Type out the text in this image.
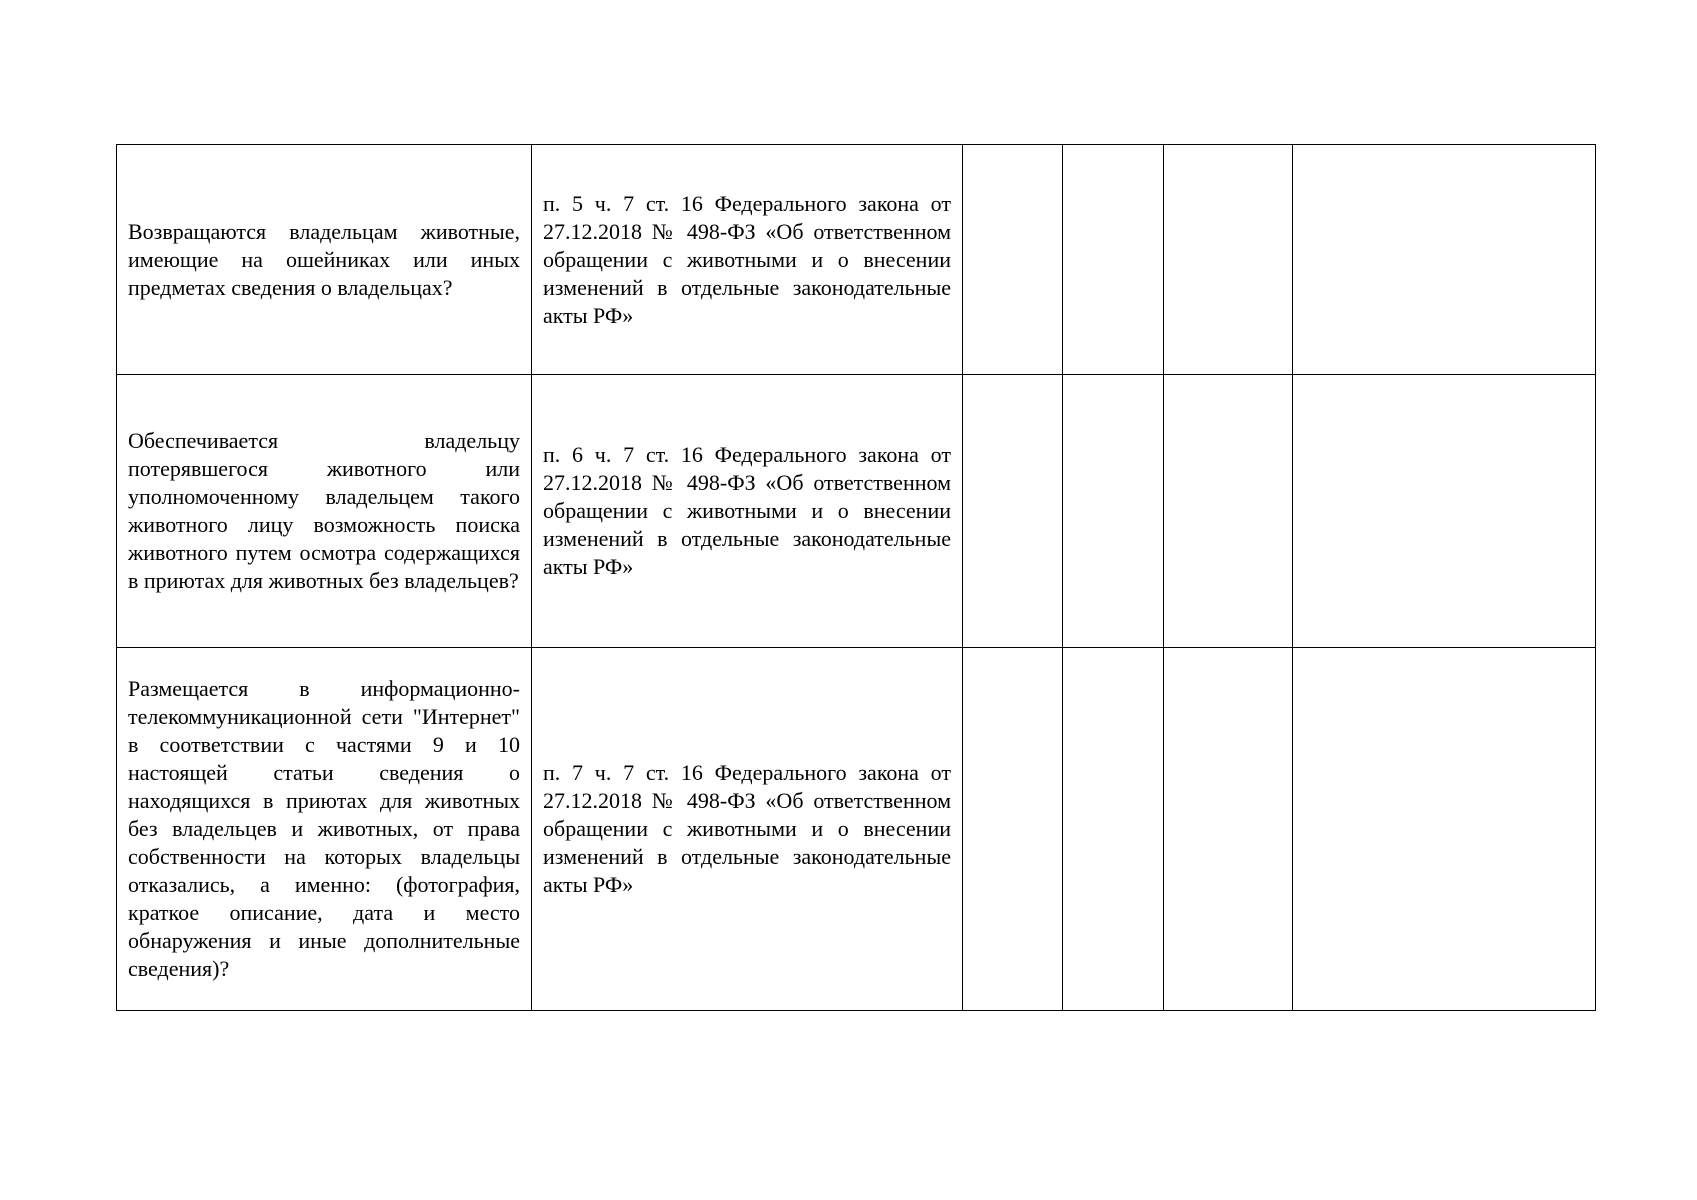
Возвращаются владельцам животные, имеющие на ошейниках или иных предметах сведения о владельцах?	п. 5 ч. 7 ст. 16 Федерального закона от 27.12.2018 № 498-ФЗ «Об ответственном обращении с животными и о внесении изменений в отдельные законодательные акты РФ»				

Обеспечивается владельцу потерявшегося животного или уполномоченному владельцем такого животного лицу возможность поиска животного путем осмотра содержащихся в приютах для животных без владельцев?	п. 6 ч. 7 ст. 16 Федерального закона от 27.12.2018 № 498-ФЗ «Об ответственном обращении с животными и о внесении изменений в отдельные законодательные акты РФ»				

Размещается в информационно-телекоммуникационной сети "Интернет" в соответствии с частями 9 и 10 настоящей статьи сведения о находящихся в приютах для животных без владельцев и животных, от права собственности на которых владельцы отказались, а именно: (фотография, краткое описание, дата и место обнаружения и иные дополнительные сведения)?	п. 7 ч. 7 ст. 16 Федерального закона от 27.12.2018 № 498-ФЗ «Об ответственном обращении с животными и о внесении изменений в отдельные законодательные акты РФ»				
